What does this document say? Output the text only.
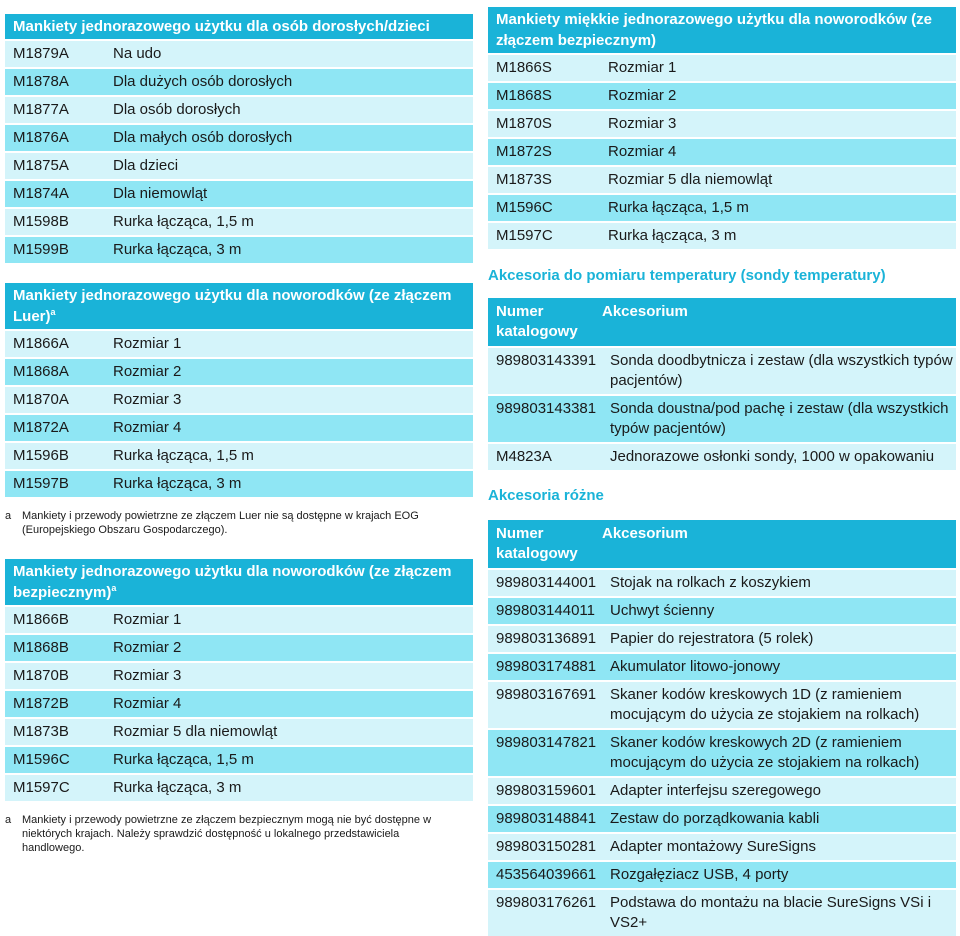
Mankiety jednorazowego użytku dla osób dorosłych/dzieci
M1879A	Na udo
M1878A	Dla dużych osób dorosłych
M1877A	Dla osób dorosłych
M1876A	Dla małych osób dorosłych
M1875A	Dla dzieci
M1874A	Dla niemowląt
M1598B	Rurka łącząca, 1,5 m
M1599B	Rurka łącząca, 3 m
Mankiety jednorazowego użytku dla noworodków (ze złączem Luer)$^a$
M1866A	Rozmiar 1
M1868A	Rozmiar 2
M1870A	Rozmiar 3
M1872A	Rozmiar 4
M1596B	Rurka łącząca, 1,5 m
M1597B	Rurka łącząca, 3 m
a Mankiety i przewody powietrzne ze złączem Luer nie są dostępne w krajach EOG (Europejskiego Obszaru Gospodarczego).
Mankiety jednorazowego użytku dla noworodków (ze złączem bezpiecznym)$^a$
M1866B	Rozmiar 1
M1868B	Rozmiar 2
M1870B	Rozmiar 3
M1872B	Rozmiar 4
M1873B	Rozmiar 5 dla niemowląt
M1596C	Rurka łącząca, 1,5 m
M1597C	Rurka łącząca, 3 m
a Mankiety i przewody powietrzne ze złączem bezpiecznym mogą nie być dostępne w niektórych krajach. Należy sprawdzić dostępność u lokalnego przedstawiciela handlowego.
Mankiety miękkie jednorazowego użytku dla noworodków (ze złączem bezpiecznym)
M1866S	Rozmiar 1
M1868S	Rozmiar 2
M1870S	Rozmiar 3
M1872S	Rozmiar 4
M1873S	Rozmiar 5 dla niemowląt
M1596C	Rurka łącząca, 1,5 m
M1597C	Rurka łącząca, 3 m
Akcesoria do pomiaru temperatury (sondy temperatury)
Numer katalogowy
Akcesorium
989803143391 Sonda doodbytnicza i zestaw (dla wszystkich typów pacjentów)
989803143381 Sonda doustna/pod pachę i zestaw (dla wszystkich typów pacjentów)
M4823A	Jednorazowe osłonki sondy, 1000 w opakowaniu
Akcesoria różne
Numer katalogowy
Akcesorium
989803144001 Stojak na rolkach z koszykiem
989803144011	Uchwyt ścienny
989803136891 Papier do rejestratora (5 rolek)
989803174881 Akumulator litowo-jonowy
989803167691 Skaner kodów kreskowych 1D (z ramieniem mocującym do użycia ze stojakiem na rolkach)
989803147821 Skaner kodów kreskowych 2D (z ramieniem mocującym do użycia ze stojakiem na rolkach)
989803159601 Adapter interfejsu szeregowego
989803148841 Zestaw do porządkowania kabli
989803150281 Adapter montażowy SureSigns
453564039661 Rozgałęziacz USB, 4 porty
989803176261 Podstawa do montażu na blacie SureSigns VSi i VS2+
